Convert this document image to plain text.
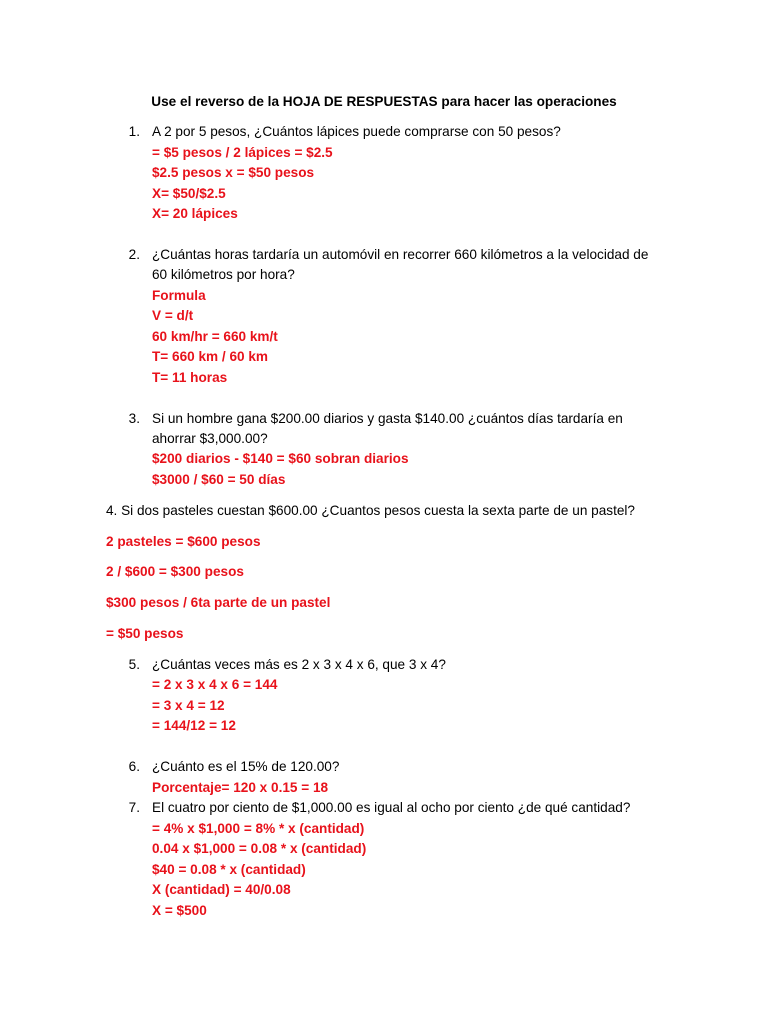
Use el reverso de la HOJA DE RESPUESTAS para hacer las operaciones
1. A 2 por 5 pesos, ¿Cuántos lápices puede comprarse con 50 pesos?
= $5 pesos / 2 lápices = $2.5
$2.5 pesos x = $50 pesos
X= $50/$2.5
X= 20 lápices
2. ¿Cuántas horas tardaría un automóvil en recorrer 660 kilómetros a la velocidad de
60 kilómetros por hora?
Formula
V = d/t
60 km/hr = 660 km/t
T= 660 km / 60 km
T= 11 horas
3. Si un hombre gana $200.00 diarios y gasta $140.00 ¿cuántos días tardaría en
ahorrar $3,000.00?
$200 diarios - $140 = $60 sobran diarios
$3000 / $60 = 50 días
4. Si dos pasteles cuestan $600.00 ¿Cuantos pesos cuesta la sexta parte de un pastel?
2 pasteles = $600 pesos
2 / $600 = $300 pesos
$300 pesos / 6ta parte de un pastel
= $50 pesos
5. ¿Cuántas veces más es 2 x 3 x 4 x 6, que 3 x 4?
= 2 x 3 x 4 x 6 = 144
= 3 x 4 = 12
= 144/12 = 12
6. ¿Cuánto es el 15% de 120.00?
Porcentaje= 120 x 0.15 = 18
7. El cuatro por ciento de $1,000.00 es igual al ocho por ciento ¿de qué cantidad?
= 4% x $1,000 = 8% * x (cantidad)
0.04 x $1,000 = 0.08 * x (cantidad)
$40 = 0.08 * x (cantidad)
X (cantidad) = 40/0.08
X = $500
